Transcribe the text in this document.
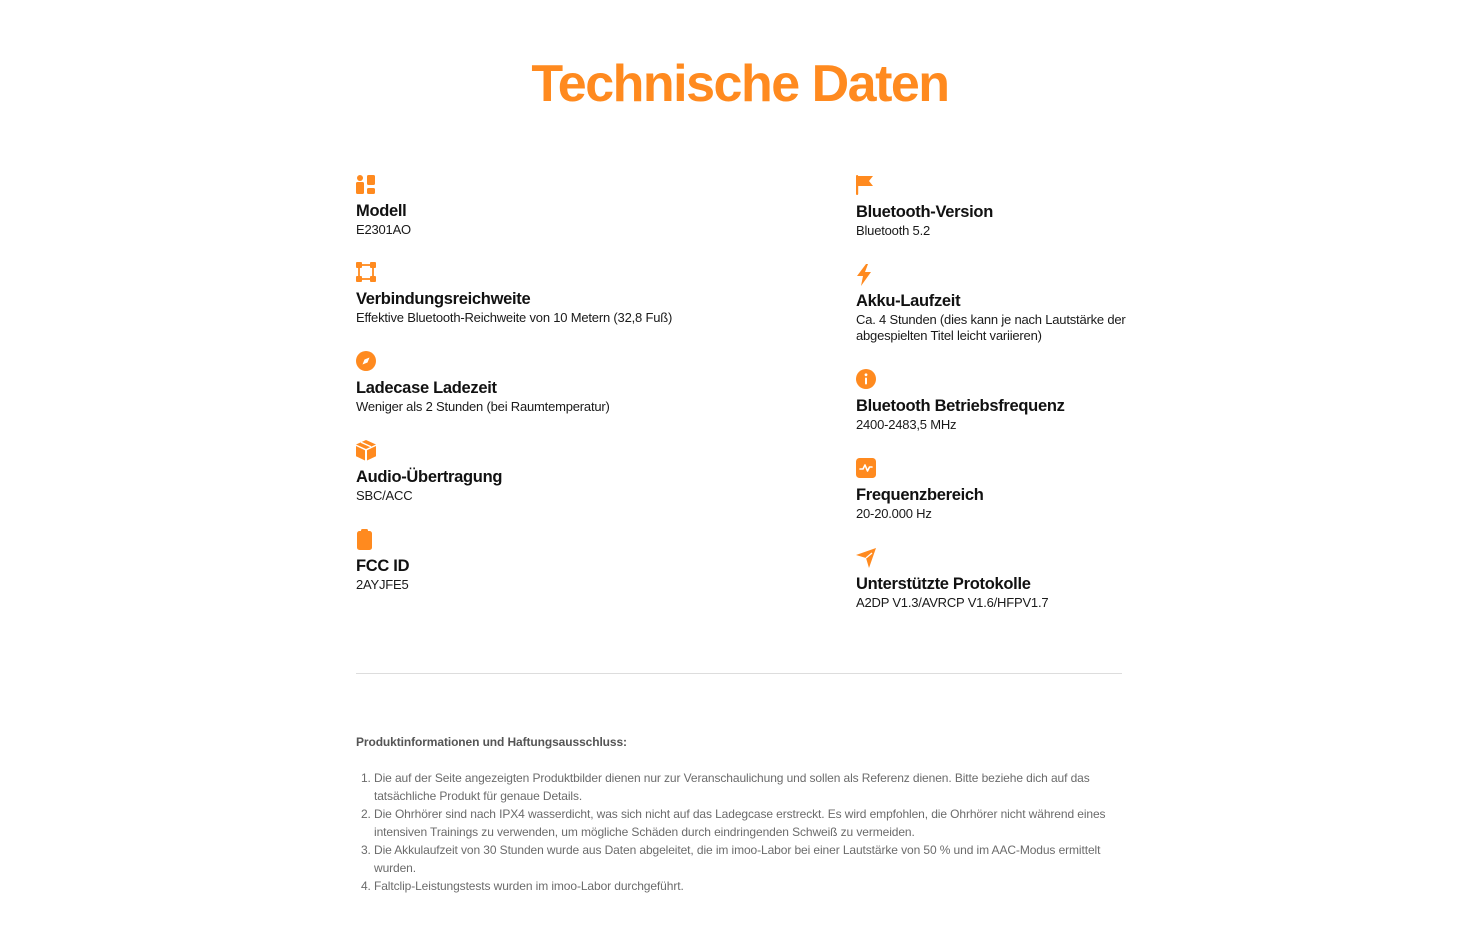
Technische Daten
Modell
E2301AO
Verbindungsreichweite
Effektive Bluetooth-Reichweite von 10 Metern (32,8 Fuß)
Ladecase Ladezeit
Weniger als 2 Stunden (bei Raumtemperatur)
Audio-Übertragung
SBC/ACC
FCC ID
2AYJFE5
Bluetooth-Version
Bluetooth 5.2
Akku-Laufzeit
Ca. 4 Stunden (dies kann je nach Lautstärke der abgespielten Titel leicht variieren)
Bluetooth Betriebsfrequenz
2400-2483,5 MHz
Frequenzbereich
20-20.000 Hz
Unterstützte Protokolle
A2DP V1.3/AVRCP V1.6/HFPV1.7
Produktinformationen und Haftungsausschluss:
1. Die auf der Seite angezeigten Produktbilder dienen nur zur Veranschaulichung und sollen als Referenz dienen. Bitte beziehe dich auf das tatsächliche Produkt für genaue Details.
2. Die Ohrhörer sind nach IPX4 wasserdicht, was sich nicht auf das Ladegcase erstreckt. Es wird empfohlen, die Ohrhörer nicht während eines intensiven Trainings zu verwenden, um mögliche Schäden durch eindringenden Schweiß zu vermeiden.
3. Die Akkulaufzeit von 30 Stunden wurde aus Daten abgeleitet, die im imoo-Labor bei einer Lautstärke von 50 % und im AAC-Modus ermittelt wurden.
4. Faltclip-Leistungstests wurden im imoo-Labor durchgeführt.
